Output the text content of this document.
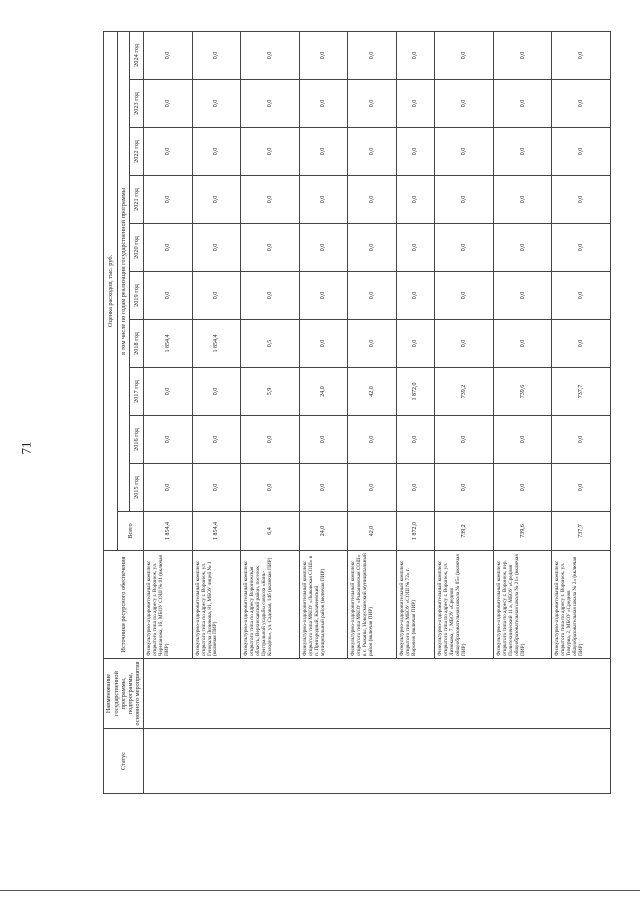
71
Статус	Наименование государственной программы, подпрограммы, основного мероприятия	Источники ресурсного обеспечения	Оценка расходов, тыс. руб.										
			Всего	в том числе по годам реализации государственной программы									
				2015 год	2016 год	2017 год	2018 год	2019 год	2020 год	2021 год	2022 год	2023 год	2024 год
		Физкультурно-оздоровительный комплекс открытого типа по адресу г. Воронеж, ул. Черепанова, 1б, МБОУ СОШ № 91 (включая ПИР)	1 854,4	0,0	0,0	0,0	1 854,4	0,0	0,0	0,0	0,0	0,0	0,0
		Физкультурно-оздоровительный комплекс открытого типа по адресу г. Воронеж, ул. Генерала Лизюкова, 81, МБОУ лицей № 1 (включая ПИР)	1 854,4	0,0	0,0	0,0	1 854,4	0,0	0,0	0,0	0,0	0,0	0,0
		Физкультурно-оздоровительный комплекс открытого типа по адресу Воронежская область, Верхнехавский район, поселок Центральной усадьбы совхоза «Конь-Колодезь», ул. Садовая, 14б (включая ПИР)	6,4	0,0	0,0	5,9	0,5	0,0	0,0	0,0	0,0	0,0	0,0
		Физкультурно-оздоровительный комплекс открытого типа МКОУ «Лыковская СОШ» в п. Пригородный, Калачеевский муниципальный район (включая ПИР)	24,0	0,0	0,0	24,0	0,0	0,0	0,0	0,0	0,0	0,0	0,0
		Физкультурно-оздоровительный комплекс открытого типа МКОУ «Рыкановская СОШ» в с. Рыканы, Новоусманский муниципальный район (включая ПИР)	42,0	0,0	0,0	42,0	0,0	0,0	0,0	0,0	0,0	0,0	0,0
		Физкультурно-оздоровительный комплекс открытого типа МБОУ «СОШ № 72» г. Воронеж (включая ПИР)	1 872,0	0,0	0,0	1 872,0	0,0	0,0	0,0	0,0	0,0	0,0	0,0
		Физкультурно-оздоровительный комплекс открытого типа по адресу г. Воронеж, ул. Лизюкова, 7, МБОУ «Средняя общеобразовательная школа № 85» (включая ПИР)	739,2	0,0	0,0	739,2	0,0	0,0	0,0	0,0	0,0	0,0	0,0
		Физкультурно-оздоровительный комплекс открытого типа по адресу г. Воронеж, пер. Политехнический 11 а, МБОУ «Средняя общеобразовательная школа № 21» (включая ПИР)	739,6	0,0	0,0	739,6	0,0	0,0	0,0	0,0	0,0	0,0	0,0
		Физкультурно-оздоровительный комплекс открытого типа по адресу г. Воронеж, ул. Тимуриа, 2, МБОУ «Средняя общеобразовательная школа № 2» (включая ПИР)	737,7	0,0	0,0	737,7	0,0	0,0	0,0	0,0	0,0	0,0	0,0
